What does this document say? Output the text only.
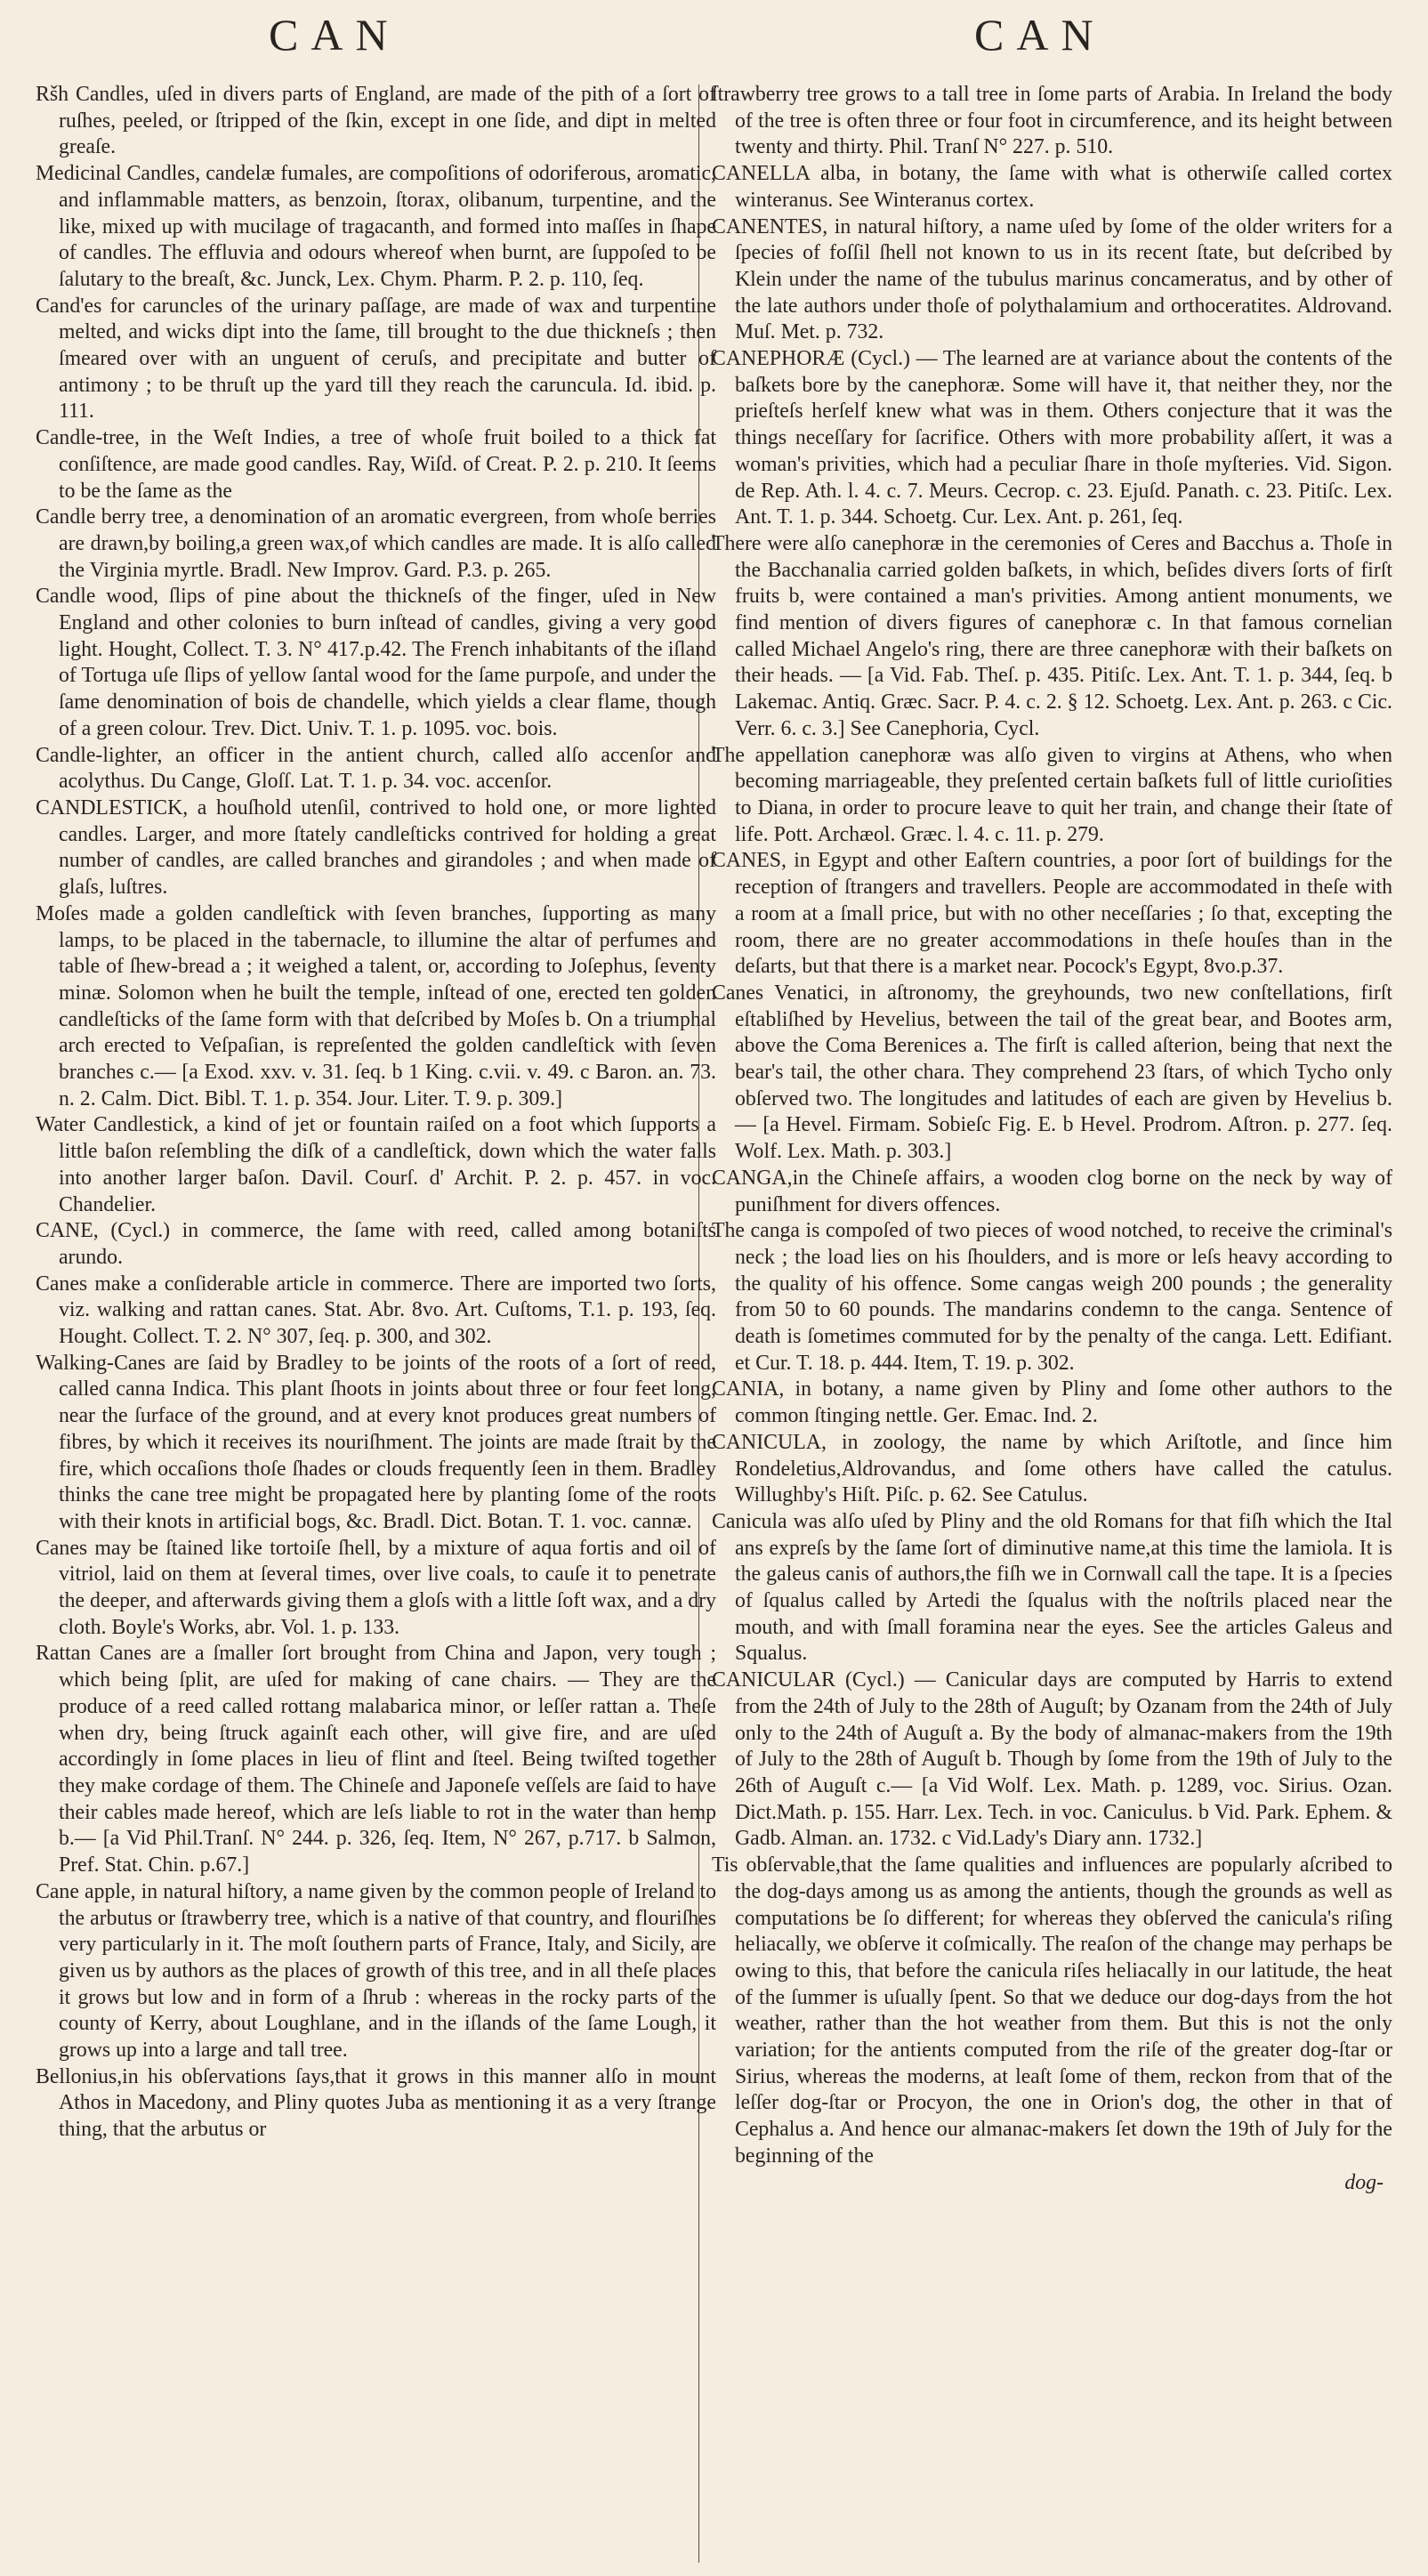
CAN	CAN

Ršh Candles, uſed in divers parts of England, are made of the pith of a ſort of ruſhes, peeled, or ſtripped of the ſkin, except in one ſide, and dipt in melted greaſe.

Medicinal Candles, candelæ fumales, are compoſitions of odoriferous, aromatic, and inflammable matters, as benzoin, ſtorax, olibanum, turpentine, and the like, mixed up with mucilage of tragacanth, and formed into maſſes in ſhape of candles. The effluvia and odours whereof when burnt, are ſuppoſed to be ſalutary to the breaſt, &c. Junck, Lex. Chym. Pharm. P. 2. p. 110, ſeq.

Cand'es for caruncles of the urinary paſſage, are made of wax and turpentine melted, and wicks dipt into the ſame, till brought to the due thickneſs ; then ſmeared over with an unguent of ceruſs, and precipitate and butter of antimony ; to be thruſt up the yard till they reach the caruncula. Id. ibid. p. 111.

Candle-tree, in the Weſt Indies, a tree of whoſe fruit boiled to a thick fat conſiſtence, are made good candles. Ray, Wiſd. of Creat. P. 2. p. 210. It ſeems to be the ſame as the

Candle berry tree, a denomination of an aromatic evergreen, from whoſe berries are drawn,by boiling,a green wax,of which candles are made. It is alſo called the Virginia myrtle. Bradl. New Improv. Gard. P.3. p. 265.

Candle wood, ſlips of pine about the thickneſs of the finger, uſed in New England and other colonies to burn inſtead of candles, giving a very good light. Hought, Collect. T. 3. N° 417.p.42. The French inhabitants of the iſland of Tortuga uſe ſlips of yellow ſantal wood for the ſame purpoſe, and under the ſame denomination of bois de chandelle, which yields a clear flame, though of a green colour. Trev. Dict. Univ. T. 1. p. 1095. voc. bois.

Candle-lighter, an officer in the antient church, called alſo accenſor and acolythus. Du Cange, Gloſſ. Lat. T. 1. p. 34. voc. accenſor.

CANDLESTICK, a houſhold utenſil, contrived to hold one, or more lighted candles. Larger, and more ſtately candleſticks contrived for holding a great number of candles, are called branches and girandoles ; and when made of glaſs, luſtres.

Moſes made a golden candleſtick with ſeven branches, ſupporting as many lamps, to be placed in the tabernacle, to illumine the altar of perfumes and table of ſhew-bread a ; it weighed a talent, or, according to Joſephus, ſeventy minæ. Solomon when he built the temple, inſtead of one, erected ten golden candleſticks of the ſame form with that deſcribed by Moſes b. On a triumphal arch erected to Veſpaſian, is repreſented the golden candleſtick with ſeven branches c.— [a Exod. xxv. v. 31. ſeq. b 1 King. c.vii. v. 49. c Baron. an. 73. n. 2. Calm. Dict. Bibl. T. 1. p. 354. Jour. Liter. T. 9. p. 309.]

Water Candlestick, a kind of jet or fountain raiſed on a foot which ſupports a little baſon reſembling the diſk of a candleſtick, down which the water falls into another larger baſon. Davil. Courſ. d' Archit. P. 2. p. 457. in voc. Chandelier.

CANE, (Cycl.) in commerce, the ſame with reed, called among botaniſts arundo.

Canes make a conſiderable article in commerce. There are imported two ſorts, viz. walking and rattan canes. Stat. Abr. 8vo. Art. Cuſtoms, T.1. p. 193, ſeq. Hought. Collect. T. 2. N° 307, ſeq. p. 300, and 302.

Walking-Canes are ſaid by Bradley to be joints of the roots of a ſort of reed, called canna Indica. This plant ſhoots in joints about three or four feet long, near the ſurface of the ground, and at every knot produces great numbers of fibres, by which it receives its nouriſhment. The joints are made ſtrait by the fire, which occaſions thoſe ſhades or clouds frequently ſeen in them. Bradley thinks the cane tree might be propagated here by planting ſome of the roots with their knots in artificial bogs, &c. Bradl. Dict. Botan. T. 1. voc. cannæ.

Canes may be ſtained like tortoiſe ſhell, by a mixture of aqua fortis and oil of vitriol, laid on them at ſeveral times, over live coals, to cauſe it to penetrate the deeper, and afterwards giving them a gloſs with a little ſoft wax, and a dry cloth. Boyle's Works, abr. Vol. 1. p. 133.

Rattan Canes are a ſmaller ſort brought from China and Japon, very tough ; which being ſplit, are uſed for making of cane chairs. — They are the produce of a reed called rottang malabarica minor, or leſſer rattan a. Theſe when dry, being ſtruck againſt each other, will give fire, and are uſed accordingly in ſome places in lieu of flint and ſteel. Being twiſted together they make cordage of them. The Chineſe and Japoneſe veſſels are ſaid to have their cables made hereof, which are leſs liable to rot in the water than hemp b.— [a Vid Phil.Tranſ. N° 244. p. 326, ſeq. Item, N° 267, p.717. b Salmon, Pref. Stat. Chin. p.67.]

Cane apple, in natural hiſtory, a name given by the common people of Ireland to the arbutus or ſtrawberry tree, which is a native of that country, and flouriſhes very particularly in it. The moſt ſouthern parts of France, Italy, and Sicily, are given us by authors as the places of growth of this tree, and in all theſe places it grows but low and in form of a ſhrub : whereas in the rocky parts of the county of Kerry, about Loughlane, and in the iſlands of the ſame Lough, it grows up into a large and tall tree.

Bellonius,in his obſervations ſays,that it grows in this manner alſo in mount Athos in Macedony, and Pliny quotes Juba as mentioning it as a very ſtrange thing, that the arbutus or

ſtrawberry tree grows to a tall tree in ſome parts of Arabia. In Ireland the body of the tree is often three or four foot in circumference, and its height between twenty and thirty. Phil. Tranſ N° 227. p. 510.

CANELLA alba, in botany, the ſame with what is otherwiſe called cortex winteranus. See Winteranus cortex.

CANENTES, in natural hiſtory, a name uſed by ſome of the older writers for a ſpecies of foſſil ſhell not known to us in its recent ſtate, but deſcribed by Klein under the name of the tubulus marinus concameratus, and by other of the late authors under thoſe of polythalamium and orthoceratites. Aldrovand. Muſ. Met. p. 732.

CANEPHORÆ (Cycl.) — The learned are at variance about the contents of the baſkets bore by the canephoræ. Some will have it, that neither they, nor the prieſteſs herſelf knew what was in them. Others conjecture that it was the things neceſſary for ſacrifice. Others with more probability aſſert, it was a woman's privities, which had a peculiar ſhare in thoſe myſteries. Vid. Sigon. de Rep. Ath. l. 4. c. 7. Meurs. Cecrop. c. 23. Ejuſd. Panath. c. 23. Pitiſc. Lex. Ant. T. 1. p. 344. Schoetg. Cur. Lex. Ant. p. 261, ſeq.

There were alſo canephoræ in the ceremonies of Ceres and Bacchus a. Thoſe in the Bacchanalia carried golden baſkets, in which, beſides divers ſorts of firſt fruits b, were contained a man's privities. Among antient monuments, we find mention of divers figures of canephoræ c. In that famous cornelian called Michael Angelo's ring, there are three canephoræ with their baſkets on their heads. — [a Vid. Fab. Theſ. p. 435. Pitiſc. Lex. Ant. T. 1. p. 344, ſeq. b Lakemac. Antiq. Græc. Sacr. P. 4. c. 2. § 12. Schoetg. Lex. Ant. p. 263. c Cic. Verr. 6. c. 3.] See Canephoria, Cycl.

The appellation canephoræ was alſo given to virgins at Athens, who when becoming marriageable, they preſented certain baſkets full of little curioſities to Diana, in order to procure leave to quit her train, and change their ſtate of life. Pott. Archæol. Græc. l. 4. c. 11. p. 279.

CANES, in Egypt and other Eaſtern countries, a poor ſort of buildings for the reception of ſtrangers and travellers. People are accommodated in theſe with a room at a ſmall price, but with no other neceſſaries ; ſo that, excepting the room, there are no greater accommodations in theſe houſes than in the deſarts, but that there is a market near. Pocock's Egypt, 8vo.p.37.

Canes Venatici, in aſtronomy, the greyhounds, two new conſtellations, firſt eſtabliſhed by Hevelius, between the tail of the great bear, and Bootes arm, above the Coma Berenices a. The firſt is called aſterion, being that next the bear's tail, the other chara. They comprehend 23 ſtars, of which Tycho only obſerved two. The longitudes and latitudes of each are given by Hevelius b. — [a Hevel. Firmam. Sobieſc Fig. E. b Hevel. Prodrom. Aſtron. p. 277. ſeq. Wolf. Lex. Math. p. 303.]

CANGA,in the Chineſe affairs, a wooden clog borne on the neck by way of puniſhment for divers offences.

The canga is compoſed of two pieces of wood notched, to receive the criminal's neck ; the load lies on his ſhoulders, and is more or leſs heavy according to the quality of his offence. Some cangas weigh 200 pounds ; the generality from 50 to 60 pounds. The mandarins condemn to the canga. Sentence of death is ſometimes commuted for by the penalty of the canga. Lett. Edifiant. et Cur. T. 18. p. 444. Item, T. 19. p. 302.

CANIA, in botany, a name given by Pliny and ſome other authors to the common ſtinging nettle. Ger. Emac. Ind. 2.

CANICULA, in zoology, the name by which Ariſtotle, and ſince him Rondeletius,Aldrovandus, and ſome others have called the catulus. Willughby's Hiſt. Piſc. p. 62. See Catulus.

Canicula was alſo uſed by Pliny and the old Romans for that fiſh which the Ital ans expreſs by the ſame ſort of diminutive name,at this time the lamiola. It is the galeus canis of authors,the fiſh we in Cornwall call the tape. It is a ſpecies of ſqualus called by Artedi the ſqualus with the noſtrils placed near the mouth, and with ſmall foramina near the eyes. See the articles Galeus and Squalus.

CANICULAR (Cycl.) — Canicular days are computed by Harris to extend from the 24th of July to the 28th of Auguſt; by Ozanam from the 24th of July only to the 24th of Auguſt a. By the body of almanac-makers from the 19th of July to the 28th of Auguſt b. Though by ſome from the 19th of July to the 26th of Auguſt c.— [a Vid Wolf. Lex. Math. p. 1289, voc. Sirius. Ozan. Dict.Math. p. 155. Harr. Lex. Tech. in voc. Caniculus. b Vid. Park. Ephem. & Gadb. Alman. an. 1732. c Vid.Lady's Diary ann. 1732.]

Tis obſervable,that the ſame qualities and influences are popularly aſcribed to the dog-days among us as among the antients, though the grounds as well as computations be ſo different; for whereas they obſerved the canicula's riſing heliacally, we obſerve it coſmically. The reaſon of the change may perhaps be owing to this, that before the canicula riſes heliacally in our latitude, the heat of the ſummer is uſually ſpent. So that we deduce our dog-days from the hot weather, rather than the hot weather from them. But this is not the only variation; for the antients computed from the riſe of the greater dog-ſtar or Sirius, whereas the moderns, at leaſt ſome of them, reckon from that of the leſſer dog-ſtar or Procyon, the one in Orion's dog, the other in that of Cephalus a. And hence our almanac-makers ſet down the 19th of July for the beginning of the

dog-
